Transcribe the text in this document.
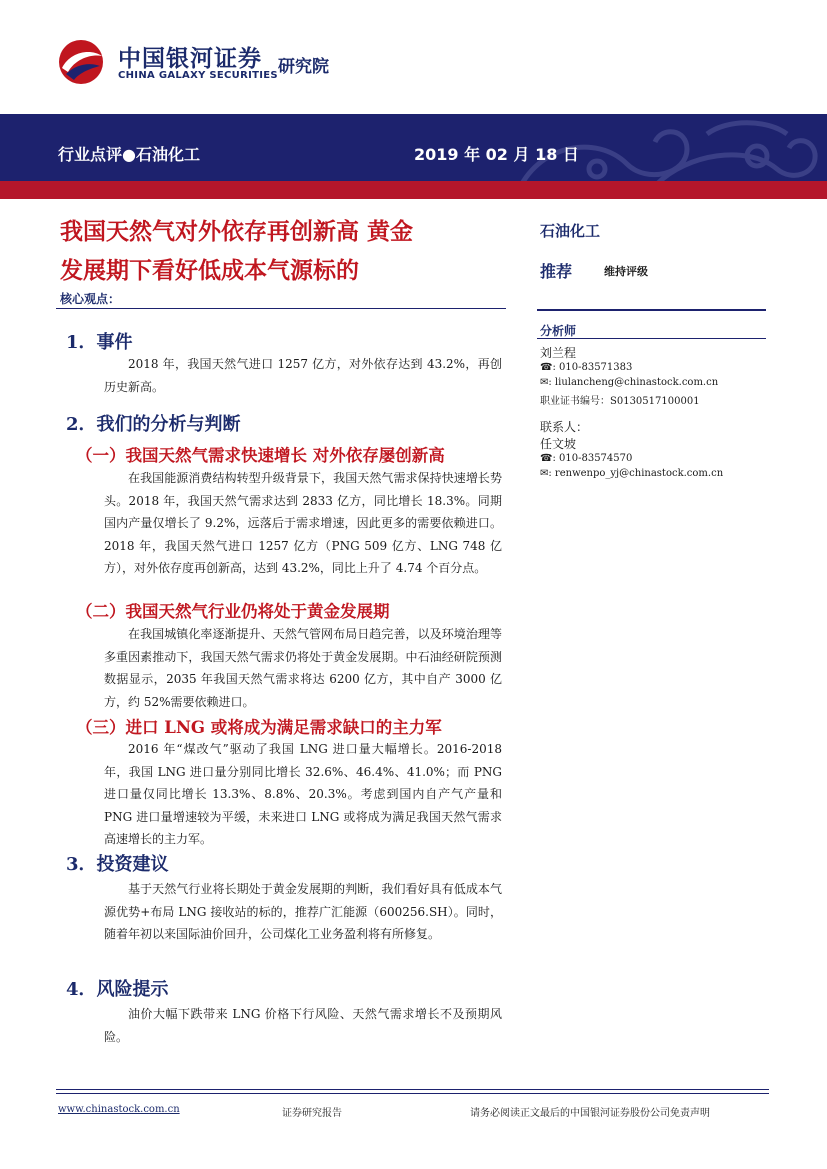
中国银河证券
CHINA GALAXY SECURITIES 研究院
行业点评●石油化工	2019 年 02 月 18 日
我国天然气对外依存再创新高 黄金
发展期下看好低成本气源标的
核心观点：
石油化工
推荐	维持评级
分析师
刘兰程
☎: 010-83571383
✉: liulancheng@chinastock.com.cn
职业证书编号：S0130517100001
联系人：
任文坡
☎: 010-83574570
✉: renwenpo_yj@chinastock.com.cn
1．事件
2018 年，我国天然气进口 1257 亿方，对外依存达到 43.2%，再创历史新高。
2．我们的分析与判断
（一）我国天然气需求快速增长 对外依存屡创新高
在我国能源消费结构转型升级背景下，我国天然气需求保持快速增长势头。2018 年，我国天然气需求达到 2833 亿方，同比增长 18.3%。同期国内产量仅增长了 9.2%，远落后于需求增速，因此更多的需要依赖进口。2018 年，我国天然气进口 1257 亿方（PNG 509 亿方、LNG 748 亿方），对外依存度再创新高，达到 43.2%，同比上升了 4.74 个百分点。
（二）我国天然气行业仍将处于黄金发展期
在我国城镇化率逐渐提升、天然气管网布局日趋完善，以及环境治理等多重因素推动下，我国天然气需求仍将处于黄金发展期。中石油经研院预测数据显示，2035 年我国天然气需求将达 6200 亿方，其中自产 3000 亿方，约 52%需要依赖进口。
（三）进口 LNG 或将成为满足需求缺口的主力军
2016 年“煤改气”驱动了我国 LNG 进口量大幅增长。2016-2018 年，我国 LNG 进口量分别同比增长 32.6%、46.4%、41.0%；而 PNG 进口量仅同比增长 13.3%、8.8%、20.3%。考虑到国内自产气产量和 PNG 进口量增速较为平缓，未来进口 LNG 或将成为满足我国天然气需求高速增长的主力军。
3．投资建议
基于天然气行业将长期处于黄金发展期的判断，我们看好具有低成本气源优势+布局 LNG 接收站的标的，推荐广汇能源（600256.SH）。同时，随着年初以来国际油价回升，公司煤化工业务盈利将有所修复。
4．风险提示
油价大幅下跌带来 LNG 价格下行风险、天然气需求增长不及预期风险。
www.chinastock.com.cn	证券研究报告	请务必阅读正文最后的中国银河证券股份公司免责声明
